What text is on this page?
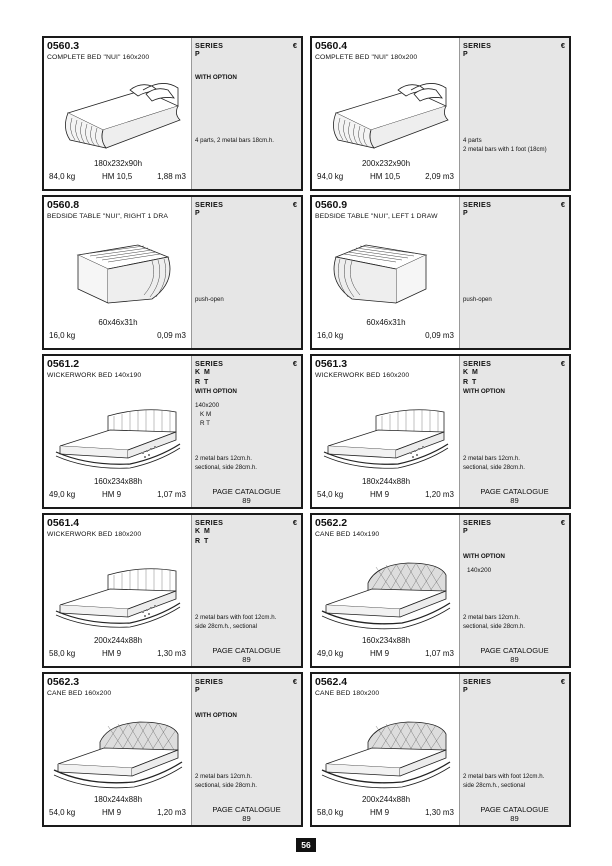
0560.3
COMPLETE BED "NUI" 160x200
180x232x90h
84,0 kg	HM 10,5	1,88 m3
SERIES	€
P
WITH OPTION
4 parts, 2 metal bars 18cm.h.
0560.4
COMPLETE BED "NUI" 180x200
200x232x90h
94,0 kg	HM 10,5	2,09 m3
SERIES	€
P
4 parts
2 metal bars with 1 foot (18cm)
0560.8
BEDSIDE TABLE "NUI", RIGHT 1 DRA
60x46x31h
16,0 kg	0,09 m3
SERIES	€
P
push-open
0560.9
BEDSIDE TABLE "NUI", LEFT 1 DRAW
60x46x31h
16,0 kg	0,09 m3
SERIES	€
P
push-open
0561.2
WICKERWORK BED 140x190
160x234x88h
49,0 kg	HM 9	1,07 m3
SERIES	€
K M
R T
WITH OPTION
140x200
K M
R T
2 metal bars 12cm.h.
sectional, side 28cm.h.
PAGE CATALOGUE
89
0561.3
WICKERWORK BED 160x200
180x244x88h
54,0 kg	HM 9	1,20 m3
SERIES	€
K M
R T
WITH OPTION
2 metal bars 12cm.h.
sectional, side 28cm.h.
PAGE CATALOGUE
89
0561.4
WICKERWORK BED 180x200
200x244x88h
58,0 kg	HM 9	1,30 m3
SERIES	€
K M
R T
2 metal bars with foot 12cm.h.
side 28cm.h., sectional
PAGE CATALOGUE
89
0562.2
CANE BED 140x190
160x234x88h
49,0 kg	HM 9	1,07 m3
SERIES	€
P
WITH OPTION
140x200
2 metal bars 12cm.h.
sectional, side 28cm.h.
PAGE CATALOGUE
89
0562.3
CANE BED 160x200
180x244x88h
54,0 kg	HM 9	1,20 m3
SERIES	€
P
WITH OPTION
2 metal bars 12cm.h.
sectional, side 28cm.h.
PAGE CATALOGUE
89
0562.4
CANE BED 180x200
200x244x88h
58,0 kg	HM 9	1,30 m3
SERIES	€
P
2 metal bars with foot 12cm.h.
side 28cm.h., sectional
PAGE CATALOGUE
89
56
